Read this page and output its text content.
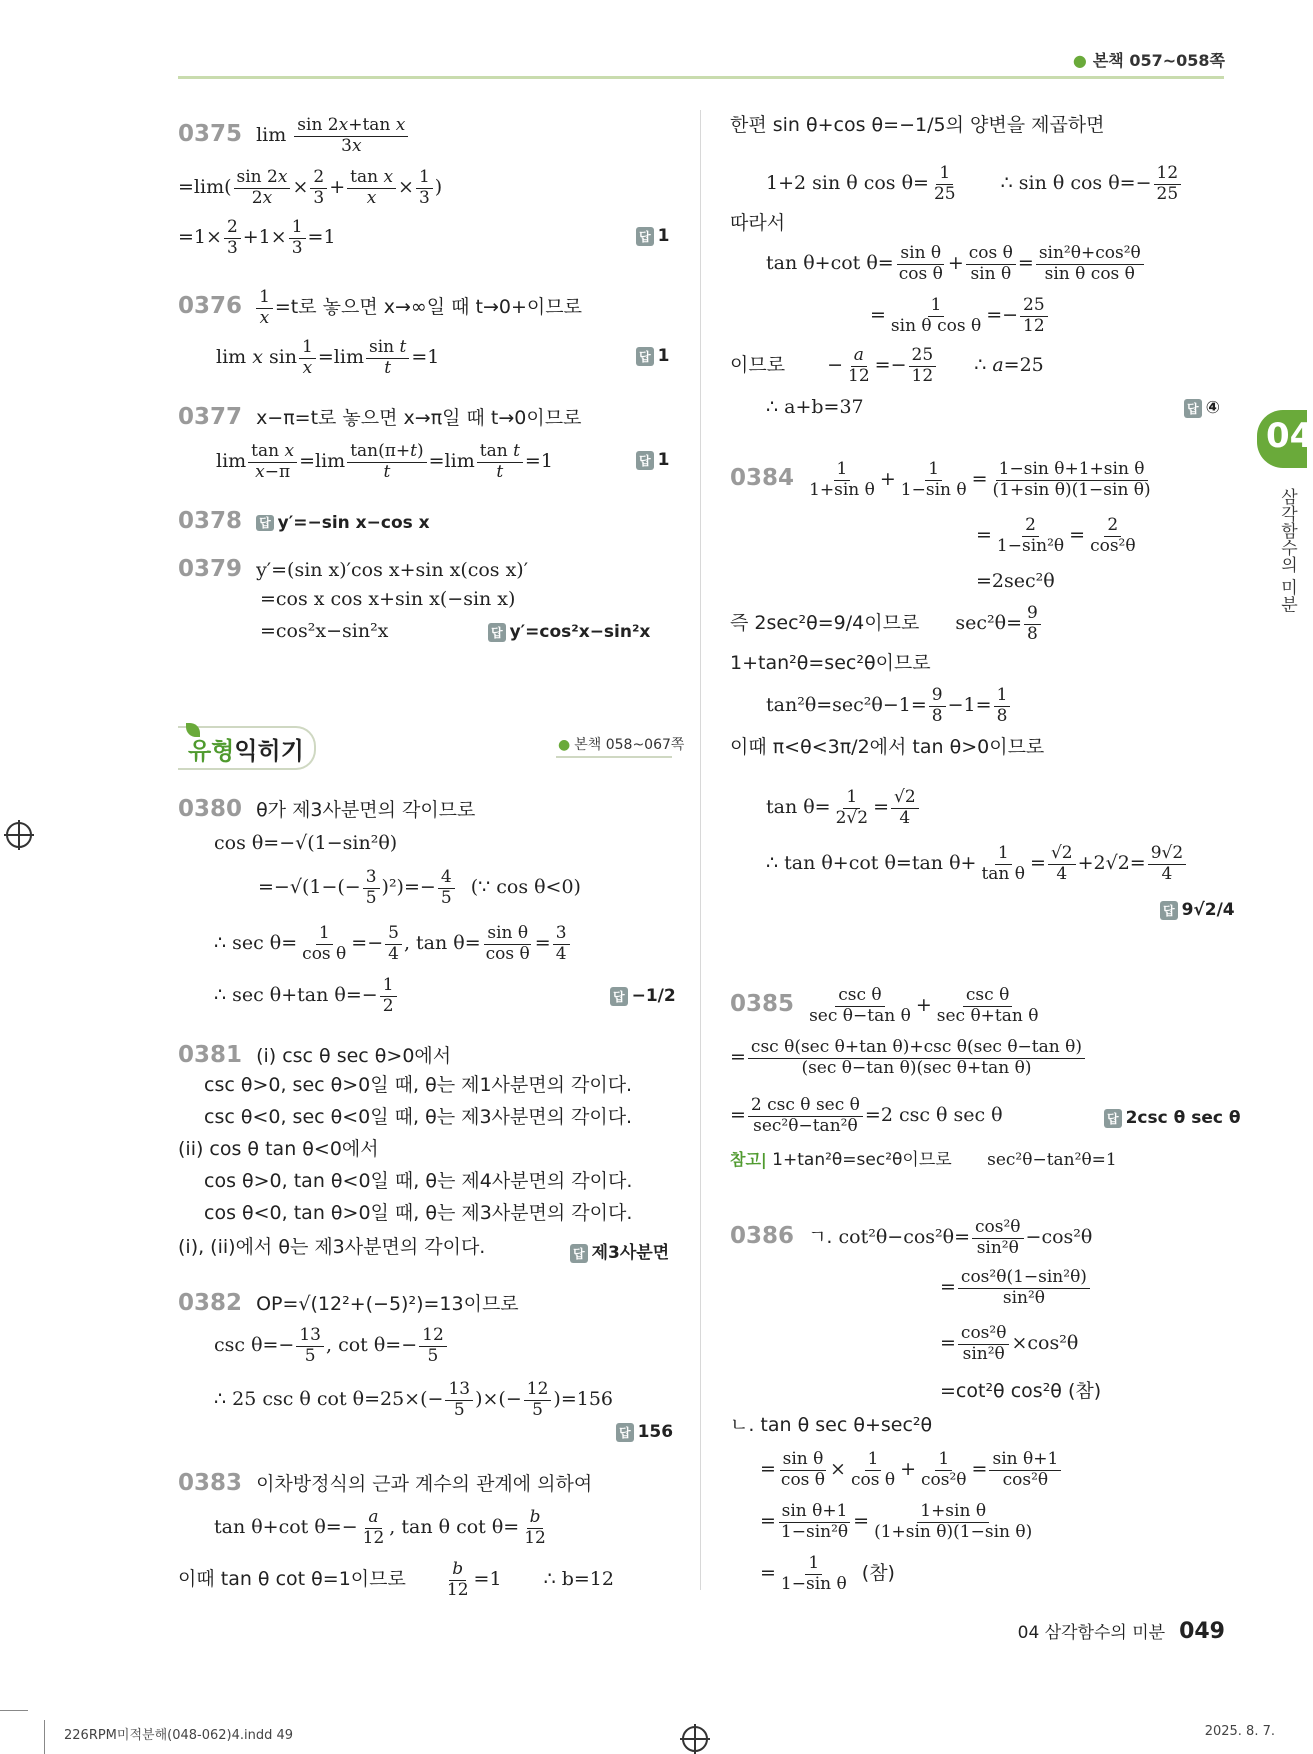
● 본책 057~058쪽
04
삼각함수의 미분
0375 $\lim \frac{\text{sin 2x+tan x}}{3x}$
$=\lim( \frac{\sin 2x}{2x} \times \frac{2}{3} + \frac{\text{tan x}}{x} \times \frac{1}{3}$ )
$=1\times \frac{2}{3} +1\times \frac{1}{3} =1$	답 1
$0376 \frac{1}{x} =t$로 놓으면 x→∞일 때 t→0+이므로
lim x $\sin \frac{1}{x} =\lim \frac{\text{sin t}}{t} =1$	답 1
0377 x−π=t로 놓으면 x→π일 때 t→0이므로
$\lim \frac{\text{tan x}}{x-\pi} =\lim \frac{\tan(\pi+t)}{t} =\lim \frac{\text{tan t}}{t} =1$	답 1
0378 답 y′=−sin x−cos x
0379 y′=(sin x)′cos x+sin x(cos x)′
=cos x cos x+sin x(−sin x)
=cos²x−sin²x	답 y′=cos²x−sin²x
유형익히기	● 본책 058~067쪽
0380 θ가 제3사분면의 각이므로
cos θ=−√(1−sin²θ)
$=-√(1-(- \frac{3}{5} )^2)=- \frac{4}{5}$ (∵ cos θ<0)
∴ $\sec \theta= \frac{1}{\text{cos θ}} =- \frac{5}{4}$ , $\tan \theta= \frac{\text{sin θ}}{\text{cos θ}} = \frac{3}{4}$
∴ sec θ+tan $\theta=- \frac{1}{2}$	답 −1/2
0381 (i) csc θ sec θ>0에서
csc θ>0, sec θ>0일 때, θ는 제1사분면의 각이다.
csc θ<0, sec θ<0일 때, θ는 제3사분면의 각이다.
(ii) cos θ tan θ<0에서
cos θ>0, tan θ<0일 때, θ는 제4사분면의 각이다.
cos θ<0, tan θ>0일 때, θ는 제3사분면의 각이다.
(i), (ii)에서 θ는 제3사분면의 각이다.	답 제3사분면
0382 OP=√(12²+(−5)²)=13이므로
$\csc \theta=- \frac{13}{5}$ , $\cot \theta=- \frac{12}{5}$
∴ 25 csc θ $\cot \theta=25\times(- \frac{13}{5}$ )×(− $\frac{12}{5} )=156$
답 156
0383 이차방정식의 근과 계수의 관계에 의하여
tan θ+cot $\theta=- \frac{a}{12}$ , tan θ $\cot \theta= \frac{b}{12}$
이때 tan θ cot θ=1이므로 $\frac{b}{12} =1$ ∴ b=12
한편 sin θ+cos θ=−1/5의 양변을 제곱하면
1+2 sin θ $\cos \theta= \frac{1}{25}$ ∴ sin θ $\cos \theta=- \frac{12}{25}$
따라서
tan θ+cot $\theta= \frac{\text{sin θ}}{\text{cos θ}} + \frac{\text{cos θ}}{\text{sin θ}} = \frac{\text{sin²θ+cos²θ}}{\text{sin θ cos θ}}$
= $\frac{1}{\text{sin θ cos θ}} =- \frac{25}{12}$
이므로 − $\frac{a}{12} =- \frac{25}{12}$ ∴ a=25
∴ a+b=37	답 ④
$0384 \frac{1}{\text{1+sin θ}} + \frac{1}{\text{1−sin θ}} = \frac{\text{1−sin θ+1+sin θ}}{\text{(1+sin θ)(1−sin θ)}}$
= $\frac{2}{\text{1−sin²θ}} = \frac{2}{\text{cos²θ}}$
=2sec²θ
즉 2sec²θ=9/4이므로 $\sec^2\theta= \frac{9}{8}$
1+tan²θ=sec²θ이므로
$\tan^2\theta=\sec^2\theta-1= \frac{9}{8} -1= \frac{1}{8}$
이때 π<θ<3π/2에서 tan θ>0이므로
$\tan \theta= \frac{1}{2√2} = \frac{√2}{4}$
∴ tan θ+cot θ=tan $\theta+ \frac{1}{\text{tan θ}} = \frac{√2}{4} +2√2= \frac{9√2}{4}$
답 9√2/4
$0385 \frac{\text{csc θ}}{\text{sec θ−tan θ}} + \frac{\text{csc θ}}{\text{sec θ+tan θ}}$
= $\frac{\text{csc θ(sec θ+tan θ)+csc θ(sec θ−tan θ)}}{\text{(sec θ−tan θ)(sec θ+tan θ)}}$
= $\frac{\text{2 csc θ sec θ}}{\text{sec²θ−tan²θ}} =2$ csc θ sec θ	답 2csc θ sec θ
참고| 1+tan²θ=sec²θ이므로 sec²θ−tan²θ=1
0386 ㄱ. $\cot^2\theta-\cos^2\theta= \frac{\text{cos²θ}}{\text{sin²θ}} -\cos^2\theta$
= $\frac{\text{cos²θ(1−sin²θ)}}{\text{sin²θ}}$
= $\frac{\text{cos²θ}}{\text{sin²θ}} \times\cos^2\theta$
=cot²θ cos²θ (참)
ㄴ. tan θ sec θ+sec²θ
= $\frac{\text{sin θ}}{\text{cos θ}} \times \frac{1}{\text{cos θ}} + \frac{1}{\text{cos²θ}} = \frac{\text{sin θ+1}}{\text{cos²θ}}$
= $\frac{\text{sin θ+1}}{\text{1−sin²θ}} = \frac{\text{1+sin θ}}{\text{(1+sin θ)(1−sin θ)}}$
= $\frac{1}{\text{1−sin θ}}$ (참)
04 삼각함수의 미분 049
226RPM미적분해(048-062)4.indd 49	2025. 8. 7.
